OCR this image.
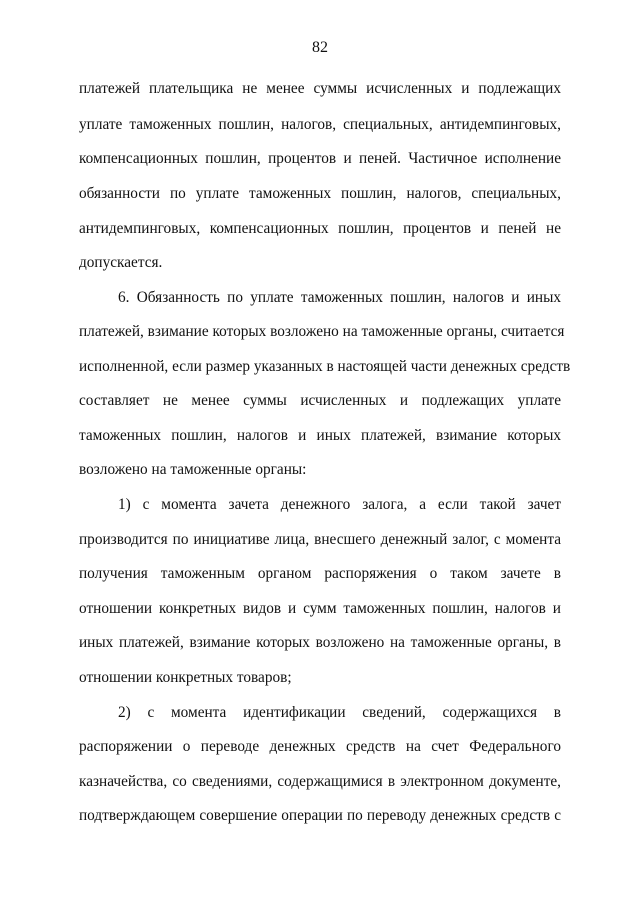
82
платежей плательщика не менее суммы исчисленных и подлежащих
уплате таможенных пошлин, налогов, специальных, антидемпинговых,
компенсационных пошлин, процентов и пеней. Частичное исполнение
обязанности по уплате таможенных пошлин, налогов, специальных,
антидемпинговых, компенсационных пошлин, процентов и пеней не
допускается.
6. Обязанность по уплате таможенных пошлин, налогов и иных
платежей, взимание которых возложено на таможенные органы, считается
исполненной, если размер указанных в настоящей части денежных средств
составляет не менее суммы исчисленных и подлежащих уплате
таможенных пошлин, налогов и иных платежей, взимание которых
возложено на таможенные органы:
1) с момента зачета денежного залога, а если такой зачет
производится по инициативе лица, внесшего денежный залог, с момента
получения таможенным органом распоряжения о таком зачете в
отношении конкретных видов и сумм таможенных пошлин, налогов и
иных платежей, взимание которых возложено на таможенные органы, в
отношении конкретных товаров;
2) с момента идентификации сведений, содержащихся в
распоряжении о переводе денежных средств на счет Федерального
казначейства, со сведениями, содержащимися в электронном документе,
подтверждающем совершение операции по переводу денежных средств с
